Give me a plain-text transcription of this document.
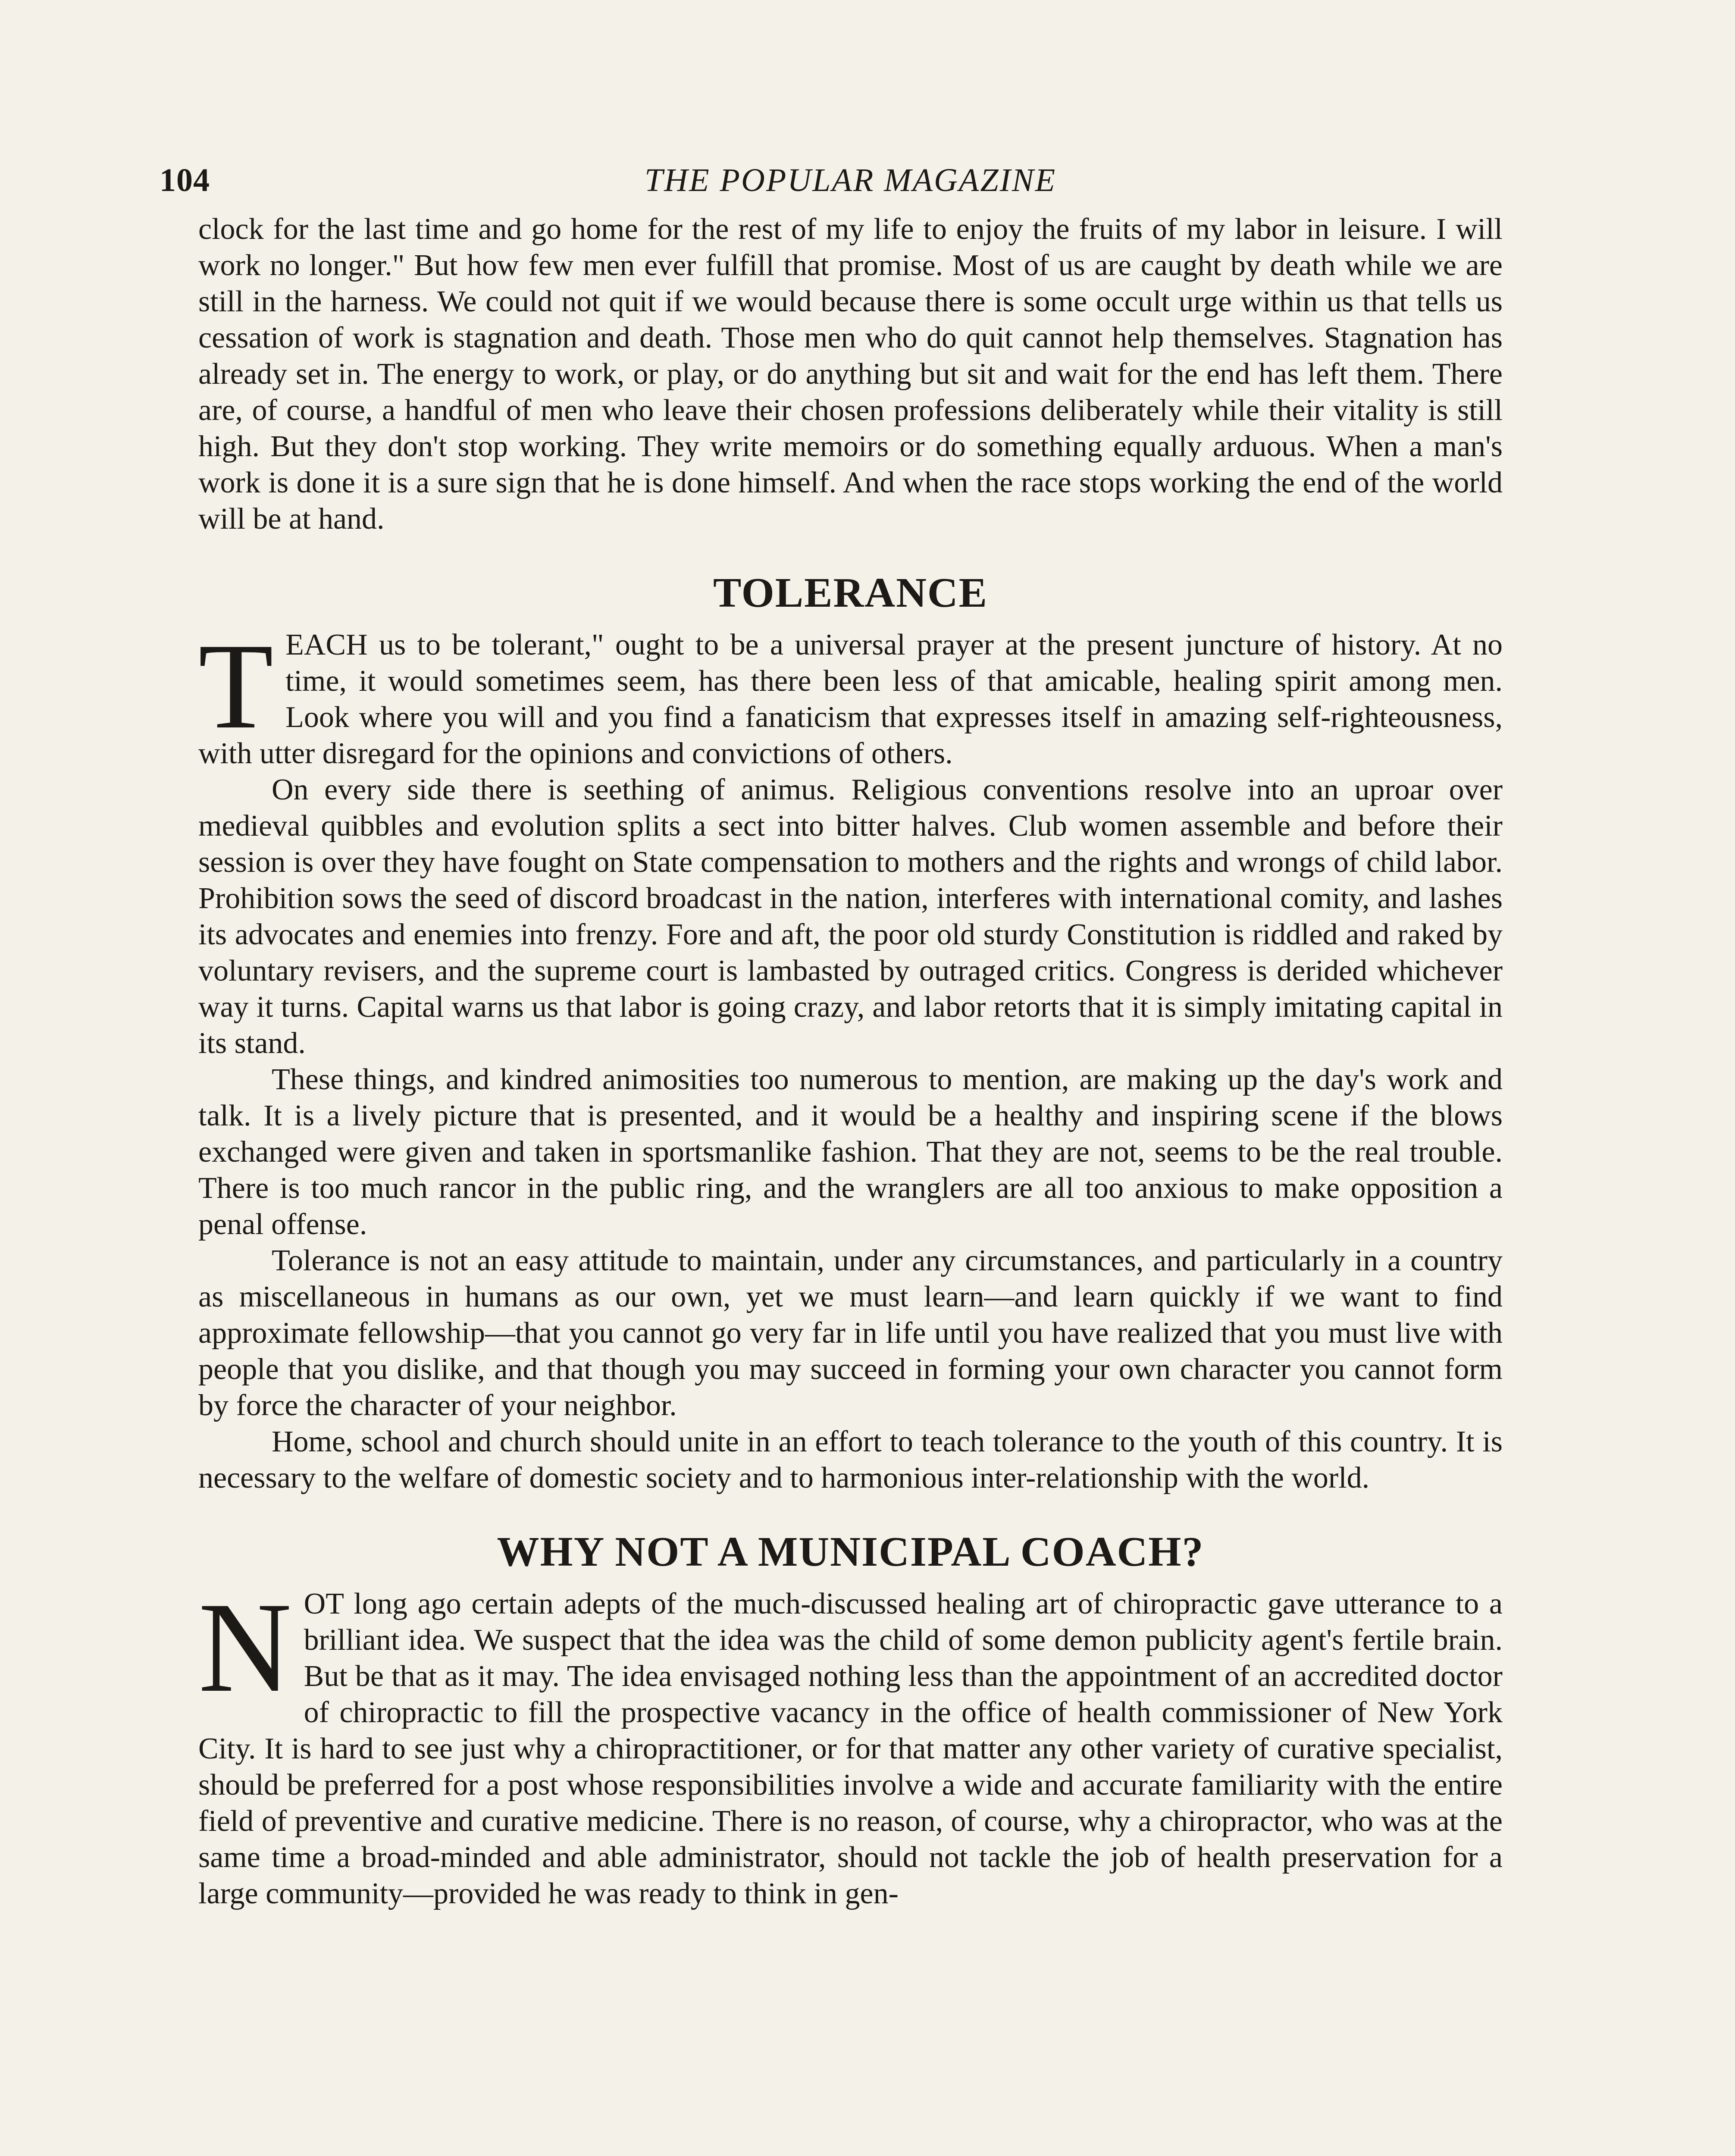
104	THE POPULAR MAGAZINE

clock for the last time and go home for the rest of my life to enjoy the fruits of my labor in leisure. I will work no longer." But how few men ever fulfill that promise. Most of us are caught by death while we are still in the harness. We could not quit if we would because there is some occult urge within us that tells us cessation of work is stagnation and death. Those men who do quit cannot help themselves. Stagnation has already set in. The energy to work, or play, or do anything but sit and wait for the end has left them. There are, of course, a handful of men who leave their chosen professions deliberately while their vitality is still high. But they don't stop working. They write memoirs or do something equally arduous. When a man's work is done it is a sure sign that he is done himself. And when the race stops working the end of the world will be at hand.

TOLERANCE

TEACH us to be tolerant," ought to be a universal prayer at the present juncture of history. At no time, it would sometimes seem, has there been less of that amicable, healing spirit among men. Look where you will and you find a fanaticism that expresses itself in amazing self-righteousness, with utter disregard for the opinions and convictions of others.

On every side there is seething of animus. Religious conventions resolve into an uproar over medieval quibbles and evolution splits a sect into bitter halves. Club women assemble and before their session is over they have fought on State compensation to mothers and the rights and wrongs of child labor. Prohibition sows the seed of discord broadcast in the nation, interferes with international comity, and lashes its advocates and enemies into frenzy. Fore and aft, the poor old sturdy Constitution is riddled and raked by voluntary revisers, and the supreme court is lambasted by outraged critics. Congress is derided whichever way it turns. Capital warns us that labor is going crazy, and labor retorts that it is simply imitating capital in its stand.

These things, and kindred animosities too numerous to mention, are making up the day's work and talk. It is a lively picture that is presented, and it would be a healthy and inspiring scene if the blows exchanged were given and taken in sportsmanlike fashion. That they are not, seems to be the real trouble. There is too much rancor in the public ring, and the wranglers are all too anxious to make opposition a penal offense.

Tolerance is not an easy attitude to maintain, under any circumstances, and particularly in a country as miscellaneous in humans as our own, yet we must learn—and learn quickly if we want to find approximate fellowship—that you cannot go very far in life until you have realized that you must live with people that you dislike, and that though you may succeed in forming your own character you cannot form by force the character of your neighbor.

Home, school and church should unite in an effort to teach tolerance to the youth of this country. It is necessary to the welfare of domestic society and to harmonious inter-relationship with the world.

WHY NOT A MUNICIPAL COACH?

NOT long ago certain adepts of the much-discussed healing art of chiropractic gave utterance to a brilliant idea. We suspect that the idea was the child of some demon publicity agent's fertile brain. But be that as it may. The idea envisaged nothing less than the appointment of an accredited doctor of chiropractic to fill the prospective vacancy in the office of health commissioner of New York City. It is hard to see just why a chiropractitioner, or for that matter any other variety of curative specialist, should be preferred for a post whose responsibilities involve a wide and accurate familiarity with the entire field of preventive and curative medicine. There is no reason, of course, why a chiropractor, who was at the same time a broad-minded and able administrator, should not tackle the job of health preservation for a large community—provided he was ready to think in gen-
